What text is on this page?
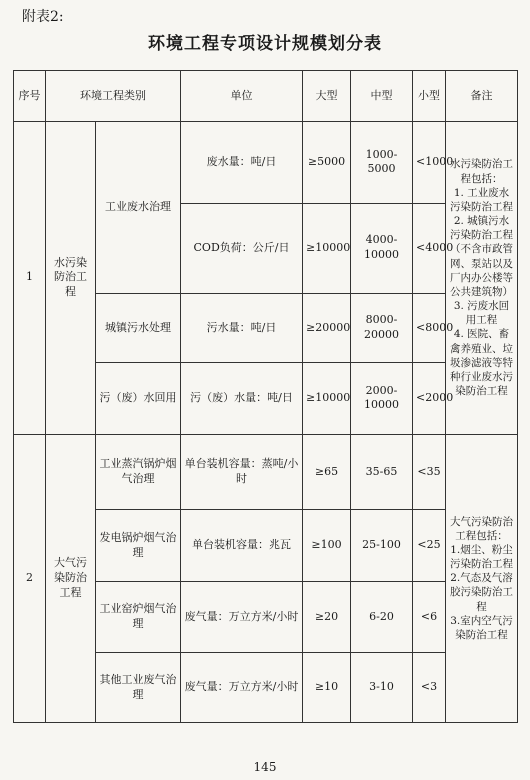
附表2:
环境工程专项设计规模划分表
序号	环境工程类别		单位	大型	中型	小型	备注
1	水污染防治工程	工业废水治理	废水量：吨/日	≥5000	1000-5000	<1000	水污染防治工程包括：
1. 工业废水污染防治工程
2. 城镇污水污染防治工程（不含市政管网、泵站以及厂内办公楼等公共建筑物）
3. 污废水回用工程
4. 医院、畜禽养殖业、垃圾渗滤液等特种行业废水污染防治工程

			COD负荷：公斤/日	≥10000	4000-10000	<4000	
		城镇污水处理	污水量：吨/日	≥20000	8000-20000	<8000	
		污（废）水回用	污（废）水量：吨/日	≥10000	2000-10000	<2000	
2	大气污染防治工程	工业蒸汽锅炉烟气治理	单台装机容量：蒸吨/小时	≥65	35-65	<35	大气污染防治工程包括：
1.烟尘、粉尘污染防治工程
2.气态及气溶胶污染防治工程
3.室内空气污染防治工程

		发电锅炉烟气治理	单台装机容量：兆瓦	≥100	25-100	<25	
		工业窑炉烟气治理	废气量：万立方米/小时	≥20	6-20	<6	
		其他工业废气治理	废气量：万立方米/小时	≥10	3-10	<3	
145
